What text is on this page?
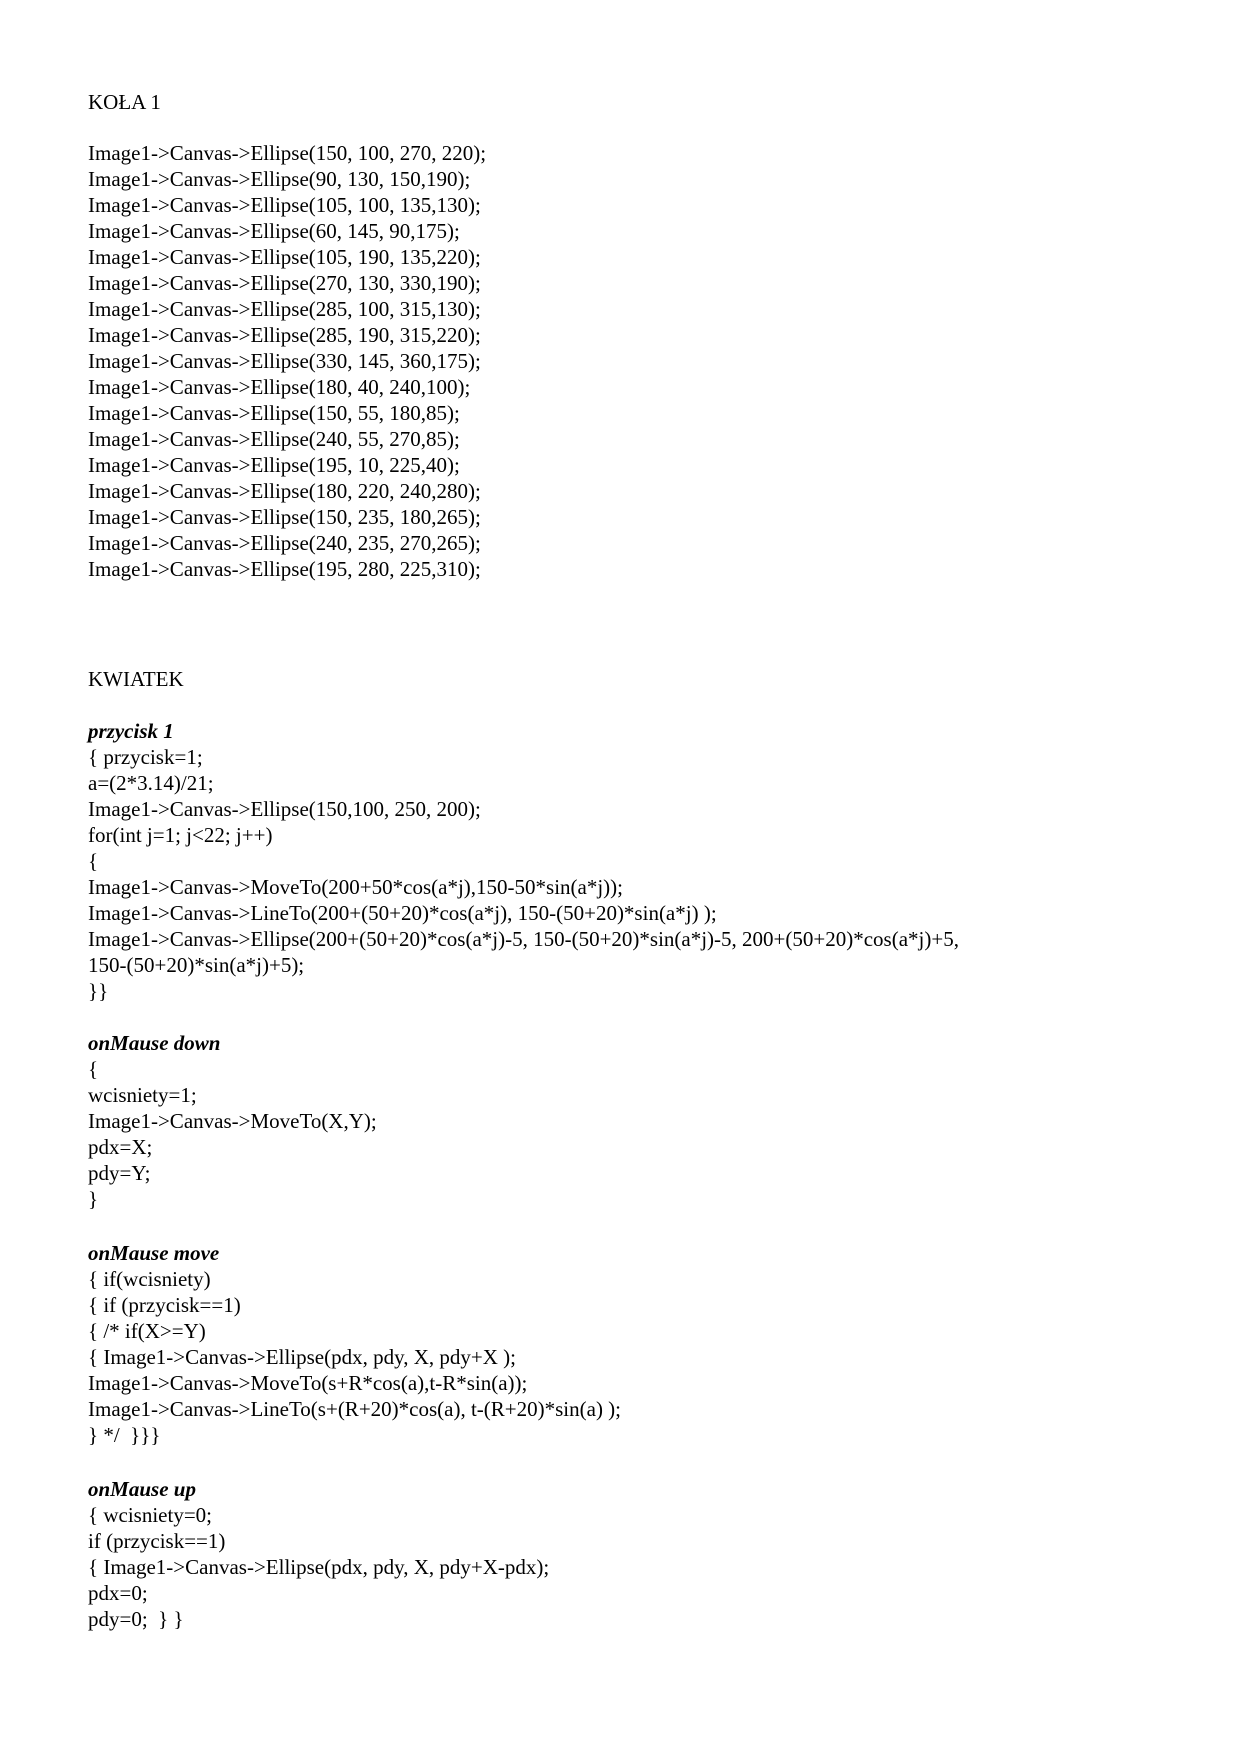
KOŁA 1
Image1->Canvas->Ellipse(150, 100, 270, 220);
Image1->Canvas->Ellipse(90, 130, 150,190);
Image1->Canvas->Ellipse(105, 100, 135,130);
Image1->Canvas->Ellipse(60, 145, 90,175);
Image1->Canvas->Ellipse(105, 190, 135,220);
Image1->Canvas->Ellipse(270, 130, 330,190);
Image1->Canvas->Ellipse(285, 100, 315,130);
Image1->Canvas->Ellipse(285, 190, 315,220);
Image1->Canvas->Ellipse(330, 145, 360,175);
Image1->Canvas->Ellipse(180, 40, 240,100);
Image1->Canvas->Ellipse(150, 55, 180,85);
Image1->Canvas->Ellipse(240, 55, 270,85);
Image1->Canvas->Ellipse(195, 10, 225,40);
Image1->Canvas->Ellipse(180, 220, 240,280);
Image1->Canvas->Ellipse(150, 235, 180,265);
Image1->Canvas->Ellipse(240, 235, 270,265);
Image1->Canvas->Ellipse(195, 280, 225,310);
KWIATEK
przycisk 1
{ przycisk=1;
a=(2*3.14)/21;
Image1->Canvas->Ellipse(150,100, 250, 200);
for(int j=1; j<22; j++)
{
Image1->Canvas->MoveTo(200+50*cos(a*j),150-50*sin(a*j));
Image1->Canvas->LineTo(200+(50+20)*cos(a*j), 150-(50+20)*sin(a*j) );
Image1->Canvas->Ellipse(200+(50+20)*cos(a*j)-5, 150-(50+20)*sin(a*j)-5, 200+(50+20)*cos(a*j)+5,
150-(50+20)*sin(a*j)+5);
}}
onMause down
{
wcisniety=1;
Image1->Canvas->MoveTo(X,Y);
pdx=X;
pdy=Y;
}
onMause move
{ if(wcisniety)
{ if (przycisk==1)
{ /* if(X>=Y)
{ Image1->Canvas->Ellipse(pdx, pdy, X, pdy+X );
Image1->Canvas->MoveTo(s+R*cos(a),t-R*sin(a));
Image1->Canvas->LineTo(s+(R+20)*cos(a), t-(R+20)*sin(a) );
} */  }}}
onMause up
{ wcisniety=0;
if (przycisk==1)
{ Image1->Canvas->Ellipse(pdx, pdy, X, pdy+X-pdx);
pdx=0;
pdy=0;  } }
